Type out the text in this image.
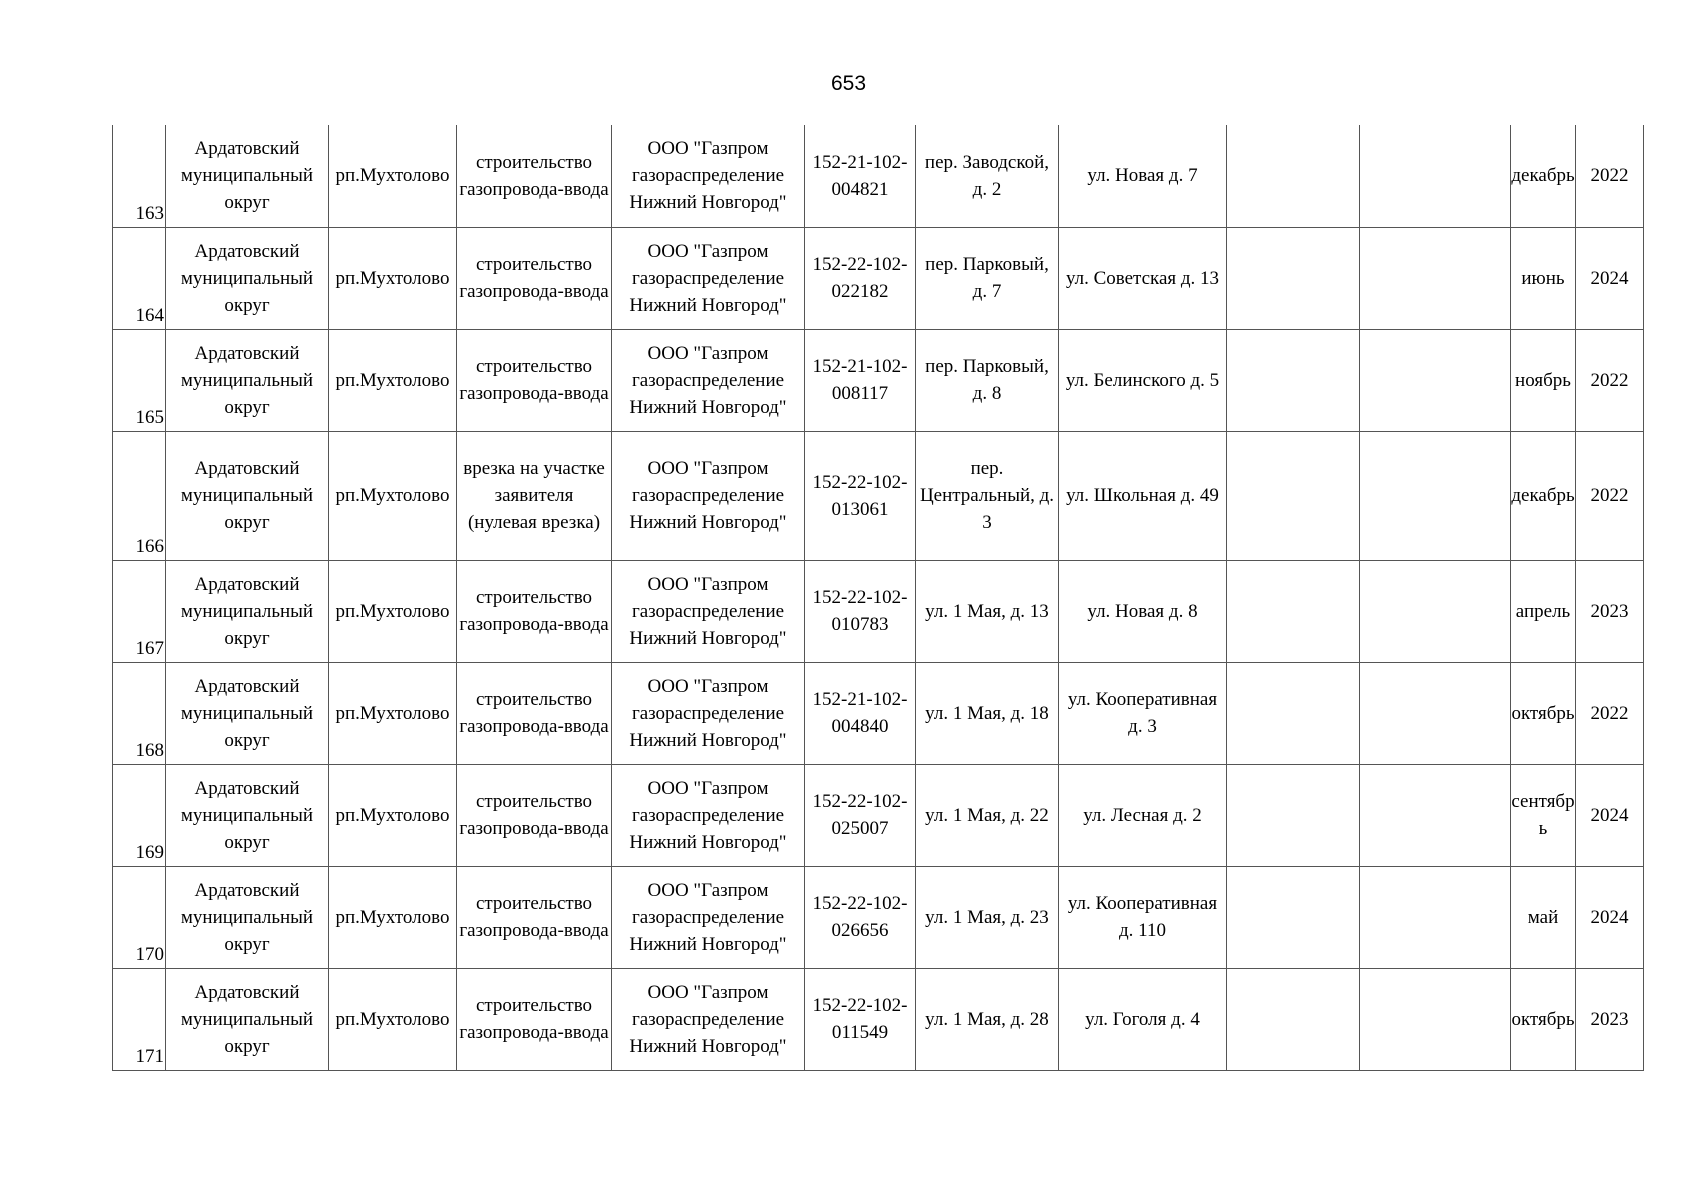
653
163	Ардатовский муниципальный округ	рп.Мухтолово	строительство газопровода-ввода	ООО "Газпром газораспределение Нижний Новгород"	152-21-102-004821	пер. Заводской, д. 2	ул. Новая д. 7			декабрь	2022
164	Ардатовский муниципальный округ	рп.Мухтолово	строительство газопровода-ввода	ООО "Газпром газораспределение Нижний Новгород"	152-22-102-022182	пер. Парковый, д. 7	ул. Советская д. 13			июнь	2024
165	Ардатовский муниципальный округ	рп.Мухтолово	строительство газопровода-ввода	ООО "Газпром газораспределение Нижний Новгород"	152-21-102-008117	пер. Парковый, д. 8	ул. Белинского д. 5			ноябрь	2022
166	Ардатовский муниципальный округ	рп.Мухтолово	врезка на участке заявителя (нулевая врезка)	ООО "Газпром газораспределение Нижний Новгород"	152-22-102-013061	пер. Центральный, д. 3	ул. Школьная д. 49			декабрь	2022
167	Ардатовский муниципальный округ	рп.Мухтолово	строительство газопровода-ввода	ООО "Газпром газораспределение Нижний Новгород"	152-22-102-010783	ул. 1 Мая, д. 13	ул. Новая д. 8			апрель	2023
168	Ардатовский муниципальный округ	рп.Мухтолово	строительство газопровода-ввода	ООО "Газпром газораспределение Нижний Новгород"	152-21-102-004840	ул. 1 Мая, д. 18	ул. Кооперативная д. 3			октябрь	2022
169	Ардатовский муниципальный округ	рп.Мухтолово	строительство газопровода-ввода	ООО "Газпром газораспределение Нижний Новгород"	152-22-102-025007	ул. 1 Мая, д. 22	ул. Лесная д. 2			сентябрь	2024
170	Ардатовский муниципальный округ	рп.Мухтолово	строительство газопровода-ввода	ООО "Газпром газораспределение Нижний Новгород"	152-22-102-026656	ул. 1 Мая, д. 23	ул. Кооперативная д. 110			май	2024
171	Ардатовский муниципальный округ	рп.Мухтолово	строительство газопровода-ввода	ООО "Газпром газораспределение Нижний Новгород"	152-22-102-011549	ул. 1 Мая, д. 28	ул. Гоголя д. 4			октябрь	2023
